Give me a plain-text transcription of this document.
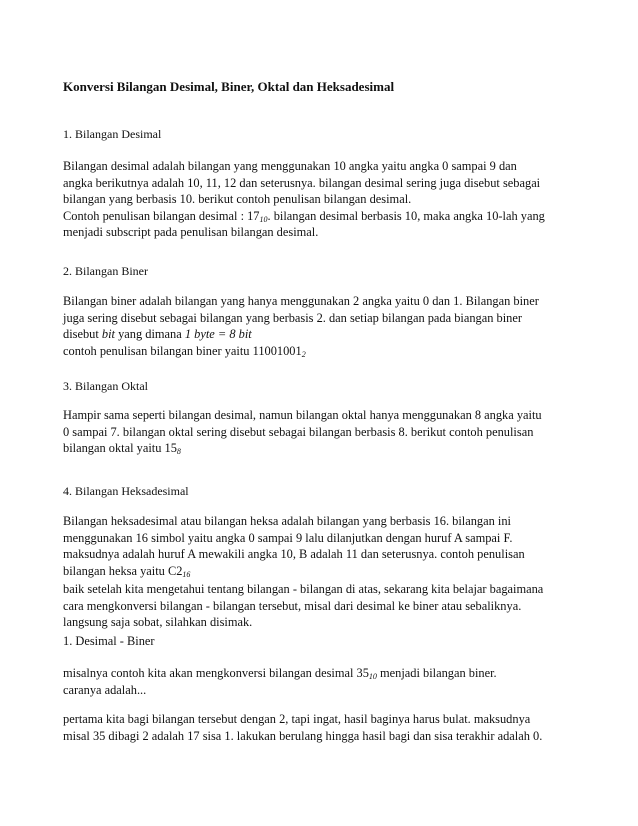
Konversi Bilangan Desimal, Biner, Oktal dan Heksadesimal
1. Bilangan Desimal
Bilangan desimal adalah bilangan yang menggunakan 10 angka yaitu angka 0 sampai 9 dan
angka berikutnya adalah 10, 11, 12 dan seterusnya. bilangan desimal sering juga disebut sebagai
bilangan yang berbasis 10. berikut contoh penulisan bilangan desimal.
Contoh penulisan bilangan desimal : $17_{10}$. bilangan desimal berbasis 10, maka angka 10-lah yang
menjadi subscript pada penulisan bilangan desimal.
2. Bilangan Biner
Bilangan biner adalah bilangan yang hanya menggunakan 2 angka yaitu 0 dan 1. Bilangan biner
juga sering disebut sebagai bilangan yang berbasis 2. dan setiap bilangan pada biangan biner
disebut bit yang dimana 1 byte = 8 bit
contoh penulisan bilangan biner yaitu $11001001_2$
3. Bilangan Oktal
Hampir sama seperti bilangan desimal, namun bilangan oktal hanya menggunakan 8 angka yaitu
0 sampai 7. bilangan oktal sering disebut sebagai bilangan berbasis 8. berikut contoh penulisan
bilangan oktal yaitu $15_8$
4. Bilangan Heksadesimal
Bilangan heksadesimal atau bilangan heksa adalah bilangan yang berbasis 16. bilangan ini
menggunakan 16 simbol yaitu angka 0 sampai 9 lalu dilanjutkan dengan huruf A sampai F.
maksudnya adalah huruf A mewakili angka 10, B adalah 11 dan seterusnya. contoh penulisan
bilangan heksa yaitu $C2_{16}$
baik setelah kita mengetahui tentang bilangan - bilangan di atas, sekarang kita belajar bagaimana
cara mengkonversi bilangan - bilangan tersebut, misal dari desimal ke biner atau sebaliknya.
langsung saja sobat, silahkan disimak.
1. Desimal - Biner
misalnya contoh kita akan mengkonversi bilangan desimal $35_{10}$ menjadi bilangan biner.
caranya adalah...
pertama kita bagi bilangan tersebut dengan 2, tapi ingat, hasil baginya harus bulat. maksudnya
misal 35 dibagi 2 adalah 17 sisa 1. lakukan berulang hingga hasil bagi dan sisa terakhir adalah 0.
